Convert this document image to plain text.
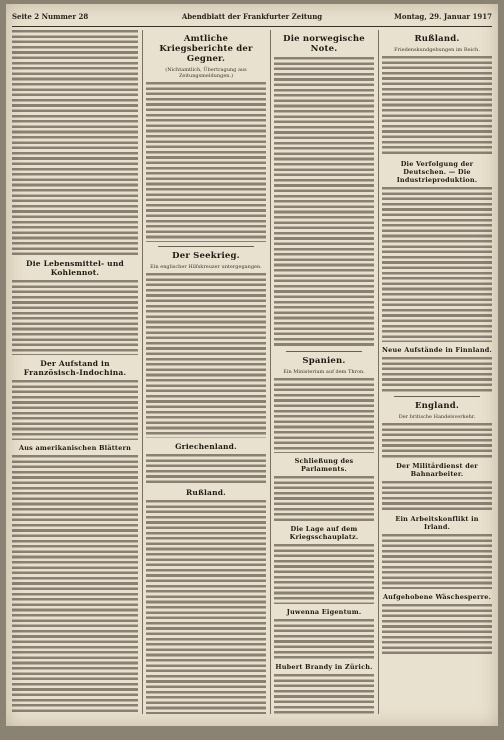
Seite 2 Nummer 28	Abendblatt der Frankfurter Zeitung	Montag, 29. Januar 1917
Die Lebensmittel- und Kohlennot.
Der Aufstand in Französisch-Indochina.
Aus amerikanischen Blättern
Amtliche Kriegsberichte der Gegner.
(Nichtamtlich, Übertragung aus Zeitungsmeldungen.)
Der Seekrieg.
Ein englischer Hilfskreuzer untergegangen.
Griechenland.
Rußland.
Die norwegische Note.
Spanien.
Ein Ministerium auf dem Thron.
Schließung des Parlaments.
Die Lage auf dem Kriegsschauplatz.
Juwenna Eigentum.
Hubert Brandy in Zürich.
Rußland.
Friedenskundgebungen im Reich.
Die Verfolgung der Deutschen. — Die Industrieproduktion.
Neue Aufstände in Finnland.
England.
Der britische Handelsverkehr.
Der Militärdienst der Bahnarbeiter.
Ein Arbeitskonflikt in Irland.
Aufgehobene Wäschesperre.
